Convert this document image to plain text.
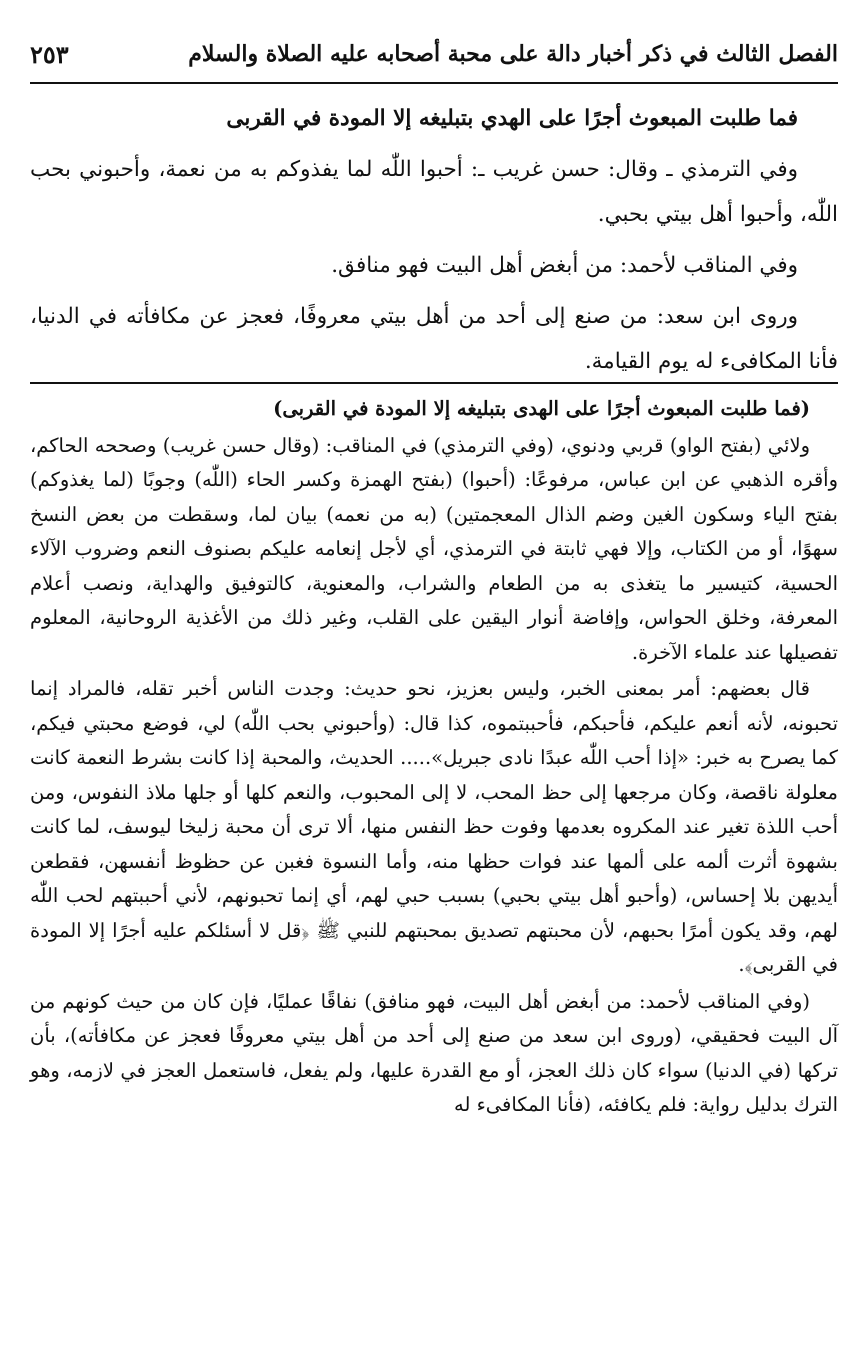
الفصل الثالث في ذكر أخبار دالة على محبة أصحابه عليه الصلاة والسلام
٢٥٣

فما طلبت المبعوث أجرًا على الهدي بتبليغه إلا المودة في القربى

وفي الترمذي ـ وقال: حسن غريب ـ: أحبوا اللّٰه لما يفذوكم به من نعمة، وأحبوني بحب اللّٰه، وأحبوا أهل بيتي بحبي.

وفي المناقب لأحمد: من أبغض أهل البيت فهو منافق.

وروى ابن سعد: من صنع إلى أحد من أهل بيتي معروفًا، فعجز عن مكافأته في الدنيا، فأنا المكافىء له يوم القيامة.

(فما طلبت المبعوث أجرًا على الهدى بتبليغه إلا المودة في القربى)

ولائي (بفتح الواو) قربي ودنوي، (وفي الترمذي) في المناقب: (وقال حسن غريب) وصححه الحاكم، وأقره الذهبي عن ابن عباس، مرفوعًا: (أحبوا) (بفتح الهمزة وكسر الحاء (اللّٰه) وجوبًا (لما يغذوكم) بفتح الياء وسكون الغين وضم الذال المعجمتين) (به من نعمه) بيان لما، وسقطت من بعض النسخ سهوًا، أو من الكتاب، وإلا فهي ثابتة في الترمذي، أي لأجل إنعامه عليكم بصنوف النعم وضروب الآلاء الحسية، كتيسير ما يتغذى به من الطعام والشراب، والمعنوية، كالتوفيق والهداية، ونصب أعلام المعرفة، وخلق الحواس، وإفاضة أنوار اليقين على القلب، وغير ذلك من الأغذية الروحانية، المعلوم تفصيلها عند علماء الآخرة.

قال بعضهم: أمر بمعنى الخبر، وليس بعزيز، نحو حديث: وجدت الناس أخبر تقله، فالمراد إنما تحبونه، لأنه أنعم عليكم، فأحبكم، فأحببتموه، كذا قال: (وأحبوني بحب اللّٰه) لي، فوضع محبتي فيكم، كما يصرح به خبر: «إذا أحب اللّٰه عبدًا نادى جبريل»..... الحديث، والمحبة إذا كانت بشرط النعمة كانت معلولة ناقصة، وكان مرجعها إلى حظ المحب، لا إلى المحبوب، والنعم كلها أو جلها ملاذ النفوس، ومن أحب اللذة تغير عند المكروه بعدمها وفوت حظ النفس منها، ألا ترى أن محبة زليخا ليوسف، لما كانت بشهوة أثرت ألمه على ألمها عند فوات حظها منه، وأما النسوة فغبن عن حظوظ أنفسهن، فقطعن أيديهن بلا إحساس، (وأحبو أهل بيتي بحبي) بسبب حبي لهم، أي إنما تحبونهم، لأني أحببتهم لحب اللّٰه لهم، وقد يكون أمرًا بحبهم، لأن محبتهم تصديق بمحبتهم للنبي ﷺ ﴿قل لا أسئلكم عليه أجرًا إلا المودة في القربى﴾.

(وفي المناقب لأحمد: من أبغض أهل البيت، فهو منافق) نفاقًا عمليًا، فإن كان من حيث كونهم من آل البيت فحقيقي، (وروى ابن سعد من صنع إلى أحد من أهل بيتي معروفًا فعجز عن مكافأته)، بأن تركها (في الدنيا) سواء كان ذلك العجز، أو مع القدرة عليها، ولم يفعل، فاستعمل العجز في لازمه، وهو الترك بدليل رواية: فلم يكافئه، (فأنا المكافىء له
